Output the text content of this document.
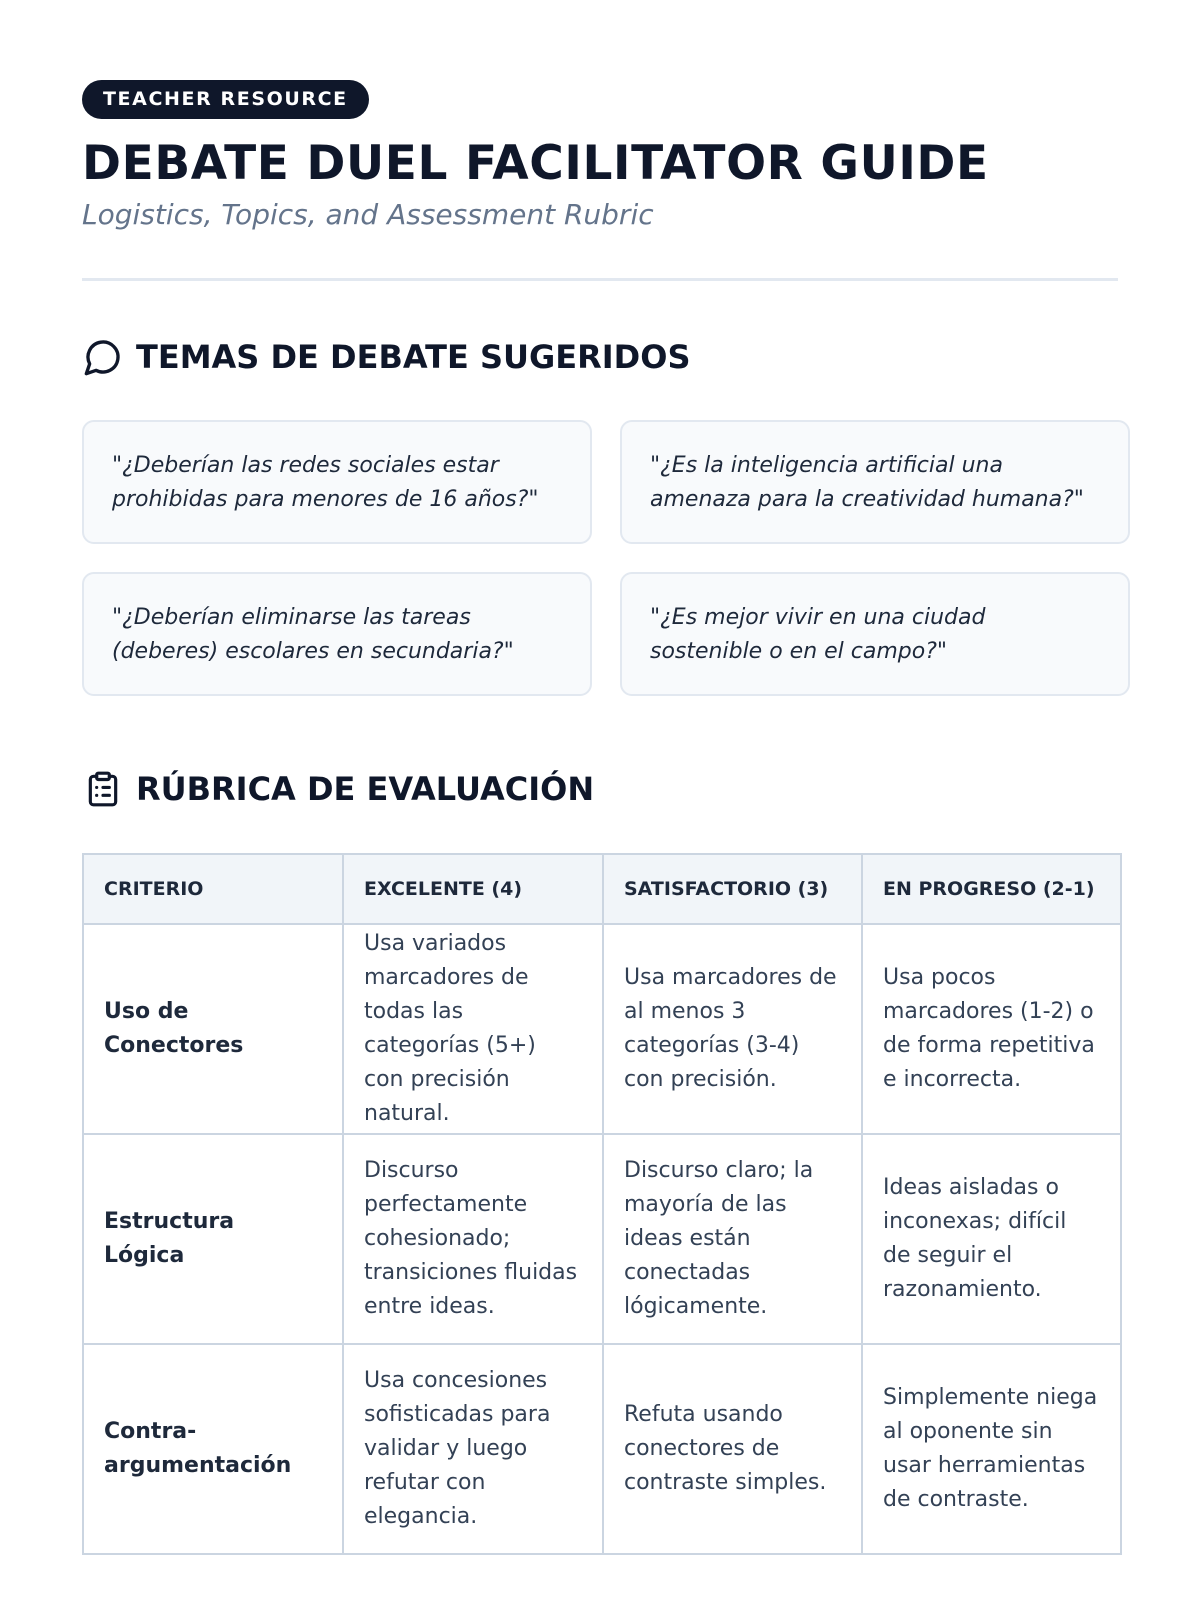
TEACHER RESOURCE
DEBATE DUEL FACILITATOR GUIDE
Logistics, Topics, and Assessment Rubric
TEMAS DE DEBATE SUGERIDOS
"¿Deberían las redes sociales estar prohibidas para menores de 16 años?"
"¿Es la inteligencia artificial una amenaza para la creatividad humana?"
"¿Deberían eliminarse las tareas (deberes) escolares en secundaria?"
"¿Es mejor vivir en una ciudad sostenible o en el campo?"
RÚBRICA DE EVALUACIÓN
CRITERIO	EXCELENTE (4)	SATISFACTORIO (3)	EN PROGRESO (2-1)
Uso de Conectores	Usa variados marcadores de todas las categorías (5+) con precisión natural.	Usa marcadores de al menos 3 categorías (3-4) con precisión.	Usa pocos marcadores (1-2) o de forma repetitiva e incorrecta.
Estructura Lógica	Discurso perfectamente cohesionado; transiciones fluidas entre ideas.	Discurso claro; la mayoría de las ideas están conectadas lógicamente.	Ideas aisladas o inconexas; difícil de seguir el razonamiento.
Contra-argumentación	Usa concesiones sofisticadas para validar y luego refutar con elegancia.	Refuta usando conectores de contraste simples.	Simplemente niega al oponente sin usar herramientas de contraste.
